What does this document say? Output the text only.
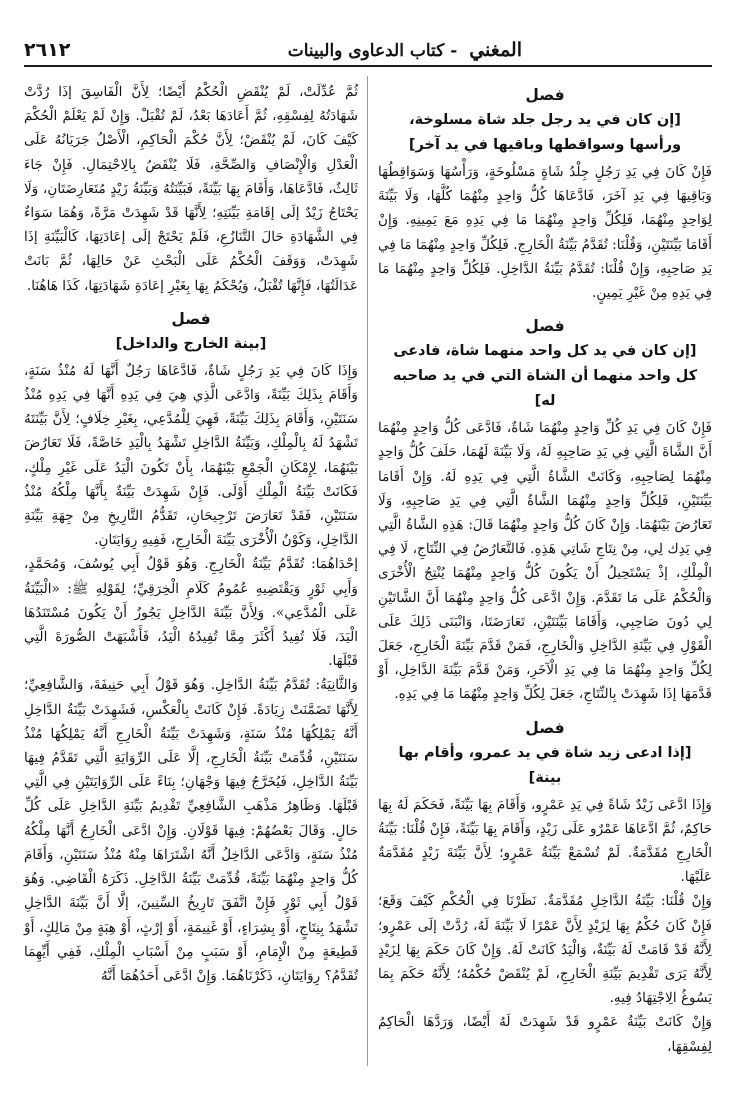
٢٦١٢	المغني - كتاب الدعاوى والبينات
فصل
[إن كان في يد رجل جلد شاة مسلوخة، ورأسها وسواقطها وباقيها في يد آخر]

فَإِنْ كَانَ فِي يَدِ رَجُلٍ جِلْدُ شَاةٍ مَسْلُوخَةٍ، وَرَأْسُهَا وَسَوَاقِطُهَا وَبَاقِيهَا فِي يَدِ آخَرَ، فَادَّعَاهَا كُلُّ وَاحِدٍ مِنْهُمَا كُلَّهَا، وَلَا بَيِّنَةَ لِوَاحِدٍ مِنْهُمَا، فَلِكُلِّ وَاحِدٍ مِنْهُمَا مَا فِي يَدِهِ مَعَ يَمِينِهِ. وَإِنْ أَقَامَا بَيِّنَتَيْنِ، وَقُلْنَا: تُقَدَّمُ بَيِّنَةُ الْخَارِجِ. فَلِكُلِّ وَاحِدٍ مِنْهُمَا مَا فِي يَدِ صَاحِبِهِ، وَإِنْ قُلْنَا: تُقَدَّمُ بَيِّنَةُ الدَّاخِلِ. فَلِكُلِّ وَاحِدٍ مِنْهُمَا مَا فِي يَدِهِ مِنْ غَيْرِ يَمِينٍ.

فصل
[إن كان في يد كل واحد منهما شاة، فادعى كل واحد منهما أن الشاة التي في يد صاحبه له]

فَإِنْ كَانَ فِي يَدِ كُلِّ وَاحِدٍ مِنْهُمَا شَاةٌ، فَادَّعَى كُلُّ وَاحِدٍ مِنْهُمَا أَنَّ الشَّاةَ الَّتِي فِي يَدِ صَاحِبِهِ لَهُ، وَلَا بَيِّنَةَ لَهُمَا، حَلَفَ كُلُّ وَاحِدٍ مِنْهُمَا لِصَاحِبِهِ، وَكَانَتْ الشَّاةُ الَّتِي فِي يَدِهِ لَهُ. وَإِنْ أَقَامَا بَيِّنَتَيْنِ، فَلِكُلِّ وَاحِدٍ مِنْهُمَا الشَّاةُ الَّتِي فِي يَدِ صَاحِبِهِ، وَلَا تَعَارُضَ بَيْنَهُمَا. وَإِنْ كَانَ كُلُّ وَاحِدٍ مِنْهُمَا قَالَ: هَذِهِ الشَّاةُ الَّتِي فِي يَدِك لِي، مِنْ نِتَاجِ شَاتِي هَذِهِ. فَالتَّعَارُضُ فِي النِّتَاجِ، لَا فِي الْمِلْكِ، إذْ يَسْتَحِيلُ أَنْ يَكُونَ كُلُّ وَاحِدٍ مِنْهُمَا يُنْتِجُ الْأُخْرَى وَالْحُكْمُ عَلَى مَا تَقَدَّمَ. وَإِنْ ادَّعَى كُلُّ وَاحِدٍ مِنْهُمَا أَنَّ الشَّاتَيْنِ لِي دُونَ صَاحِبِي، وَأَقَامَا بَيِّنَتَيْنِ، تَعَارَضَتَا، وَانْبَنَى ذَلِكَ عَلَى الْقَوْلِ فِي بَيِّنَةِ الدَّاخِلِ وَالْخَارِجِ، فَمَنْ قَدَّمَ بَيِّنَةَ الْخَارِجِ، جَعَلَ لِكُلِّ وَاحِدٍ مِنْهُمَا مَا فِي يَدِ الْآخَرِ، وَمَنْ قَدَّمَ بَيِّنَةَ الدَّاخِلِ، أَوْ قَدَّمَهَا إذَا شَهِدَتْ بِالنِّتَاجِ، جَعَلَ لِكُلِّ وَاحِدٍ مِنْهُمَا مَا فِي يَدِهِ.

فصل
[إذا ادعى زيد شاة في يد عمرو، وأقام بها بينة]

وَإِذَا ادَّعَى زَيْدٌ شَاةً فِي يَدِ عَمْرٍو، وَأَقَامَ بِهَا بَيِّنَةً، فَحَكَمَ لَهُ بِهَا حَاكِمٌ، ثُمَّ ادَّعَاهَا عَمْرٌو عَلَى زَيْدٍ، وَأَقَامَ بِهَا بَيِّنَةً، فَإِنْ قُلْنَا: بَيِّنَةُ الْخَارِجِ مُقَدَّمَةٌ. لَمْ تُسْمَعْ بَيِّنَةُ عَمْرٍو؛ لِأَنَّ بَيِّنَةَ زَيْدٍ مُقَدَّمَةٌ عَلَيْهَا.

وَإِنْ قُلْنَا: بَيِّنَةُ الدَّاخِلِ مُقَدَّمَةٌ. نَظَرْنَا فِي الْحُكْمِ كَيْفَ وَقَعَ؛ فَإِنْ كَانَ حُكْمٌ بِهَا لِزَيْدٍ لِأَنَّ عَمْرًا لَا بَيِّنَةَ لَهُ، رُدَّتْ إلَى عَمْرٍو؛ لِأَنَّهُ قَدْ قَامَتْ لَهُ بَيِّنَةٌ، وَالْيَدُ كَانَتْ لَهُ. وَإِنْ كَانَ حَكَمَ بِهَا لِزَيْدٍ لِأَنَّهُ يَرَى تَقْدِيمَ بَيِّنَةِ الْخَارِجِ، لَمْ يُنْقَضْ حُكْمُهُ؛ لِأَنَّهُ حَكَمَ بِمَا يَسُوغُ الِاجْتِهَادُ فِيهِ.

وَإِنْ كَانَتْ بَيِّنَةُ عَمْرٍو قَدْ شَهِدَتْ لَهُ أَيْضًا، وَرَدَّهَا الْحَاكِمُ لِفِسْقِهَا،

ثُمَّ عُدِّلَتْ، لَمْ يُنْقَضِ الْحُكْمُ أَيْضًا؛ لِأَنَّ الْفَاسِقَ إذَا رُدَّتْ شَهَادَتُهُ لِفِسْقِهِ، ثُمَّ أَعَادَهَا بَعْدُ، لَمْ تُقْبَلْ. وَإِنْ لَمْ يَعْلَمْ الْحُكْمَ كَيْفَ كَانَ، لَمْ يُنْقَضْ؛ لِأَنَّ حُكْمَ الْحَاكِمِ، الْأَصْلُ جَرَيَانُهُ عَلَى الْعَدْلِ وَالْإِنْصَافِ وَالصِّحَّةِ، فَلَا يُنْقَضُ بِالِاحْتِمَالِ. فَإِنْ جَاءَ ثَالِثٌ، فَادَّعَاهَا، وَأَقَامَ بِهَا بَيِّنَةً، فَبَيِّنَتُهُ وَبَيِّنَةُ زَيْدٍ مُتَعَارِضَتَانِ، وَلَا يَحْتَاجُ زَيْدٌ إلَى إقَامَةِ بَيِّنَتِهِ؛ لِأَنَّهَا قَدْ شَهِدَتْ مَرَّةً، وَهُمَا سَوَاءٌ فِي الشَّهَادَةِ حَالَ التَّنَازُعِ، فَلَمْ يَحْتَجْ إلَى إعَادَتِهَا، كَالْبَيِّنَةِ إذَا شَهِدَتْ، وَوَقَفَ الْحُكْمُ عَلَى الْبَحْثِ عَنْ حَالِهَا، ثُمَّ بَانَتْ عَدَالَتُهَا، فَإِنَّهَا تُقْبَلُ، وَيُحْكَمُ بِهَا بِغَيْرِ إعَادَةِ شَهَادَتِهَا، كَذَا هَاهُنَا.

فصل
[بينة الخارج والداخل]

وَإِذَا كَانَ فِي يَدِ رَجُلٍ شَاةٌ، فَادَّعَاهَا رَجُلٌ أَنَّهَا لَهُ مُنْذُ سَنَةٍ، وَأَقَامَ بِذَلِكَ بَيِّنَةً، وَادَّعَى الَّذِي هِيَ فِي يَدِهِ أَنَّهَا فِي يَدِهِ مُنْذُ سَنَتَيْنِ، وَأَقَامَ بِذَلِكَ بَيِّنَةً، فَهِيَ لِلْمُدَّعِي، بِغَيْرِ خِلَافٍ؛ لِأَنَّ بَيِّنَتَهُ تَشْهَدُ لَهُ بِالْمِلْكِ، وَبَيِّنَةُ الدَّاخِلِ تَشْهَدُ بِالْيَدِ خَاصَّةً، فَلَا تَعَارُضَ بَيْنَهُمَا، لِإِمْكَانِ الْجَمْعِ بَيْنَهُمَا، بِأَنْ تَكُونَ الْيَدُ عَلَى غَيْرِ مِلْكٍ، فَكَانَتْ بَيِّنَةُ الْمِلْكِ أَوْلَى. فَإِنْ شَهِدَتْ بَيِّنَةٌ بِأَنَّهَا مِلْكُهُ مُنْذُ سَنَتَيْنِ، فَقَدْ تَعَارَضَ تَرْجِيحَانِ، تَقَدُّمُ التَّارِيخِ مِنْ جِهَةِ بَيِّنَةِ الدَّاخِلِ، وَكَوْنُ الْأُخْرَى بَيِّنَةَ الْخَارِجِ، فَفِيهِ رِوَايَتَانِ.

إحْدَاهُمَا: تُقَدَّمُ بَيِّنَةُ الْخَارِجِ. وَهُوَ قَوْلُ أَبِي يُوسُفَ، وَمُحَمَّدٍ، وَأَبِي ثَوْرٍ وَيَقْتَضِيهِ عُمُومُ كَلَامِ الْخِرَقِيِّ؛ لِقَوْلِهِ ﷺ: «الْبَيِّنَةُ عَلَى الْمُدَّعِي». وَلِأَنَّ بَيِّنَةَ الدَّاخِلِ يَجُوزُ أَنْ يَكُونَ مُسْتَنَدُهَا الْيَدَ، فَلَا تُفِيدُ أَكْثَرَ مِمَّا تُفِيدُهُ الْيَدُ، فَأَشْبَهَتْ الصُّورَةَ الَّتِي قَبْلَهَا.

وَالثَّانِيَةُ: تُقَدَّمُ بَيِّنَةُ الدَّاخِلِ. وَهُوَ قَوْلُ أَبِي حَنِيفَةَ، وَالشَّافِعِيِّ؛ لِأَنَّهَا تَضَمَّنَتْ زِيَادَةً. فَإِنْ كَانَتْ بِالْعَكْسِ، فَشَهِدَتْ بَيِّنَةُ الدَّاخِلِ أَنَّهُ يَمْلِكُهَا مُنْذُ سَنَةٍ، وَشَهِدَتْ بَيِّنَةُ الْخَارِجِ أَنَّهُ يَمْلِكُهَا مُنْذُ سَنَتَيْنِ، قُدِّمَتْ بَيِّنَةُ الْخَارِجِ، إلَّا عَلَى الرِّوَايَةِ الَّتِي تَقَدَّمُ فِيهَا بَيِّنَةُ الدَّاخِلِ، فَيُخَرَّجُ فِيهَا وَجْهَانِ؛ بِنَاءً عَلَى الرِّوَايَتَيْنِ فِي الَّتِي قَبْلَهَا. وَظَاهِرُ مَذْهَبِ الشَّافِعِيِّ تَقْدِيمُ بَيِّنَةِ الدَّاخِلِ عَلَى كُلِّ حَالٍ. وَقَالَ بَعْضُهُمْ: فِيهَا قَوْلَانِ. وَإِنْ ادَّعَى الْخَارِجُ أَنَّهَا مِلْكُهُ مُنْذُ سَنَةٍ، وَادَّعَى الدَّاخِلُ أَنَّهُ اشْتَرَاهَا مِنْهُ مُنْذُ سَنَتَيْنِ، وَأَقَامَ كُلُّ وَاحِدٍ مِنْهُمَا بَيِّنَةً، قُدِّمَتْ بَيِّنَةُ الدَّاخِلِ. ذَكَرَهُ الْقَاضِي. وَهُوَ قَوْلُ أَبِي ثَوْرٍ فَإِنْ اتَّفَقَ تَارِيخُ السِّنِينَ، إلَّا أَنَّ بَيِّنَةَ الدَّاخِلِ تَشْهَدُ بِنِتَاجٍ، أَوْ بِشِرَاءٍ، أَوْ غَنِيمَةٍ، أَوْ إرْثٍ، أَوْ هِبَةٍ مِنْ مَالِكٍ، أَوْ قَطِيعَةٍ مِنْ الْإِمَامِ، أَوْ سَبَبٍ مِنْ أَسْبَابِ الْمِلْكِ، فَفِي أَيِّهِمَا تُقَدَّمُ؟ رِوَايَتَانِ، ذَكَرْنَاهُمَا. وَإِنْ ادَّعَى أَحَدُهُمَا أَنَّهُ
